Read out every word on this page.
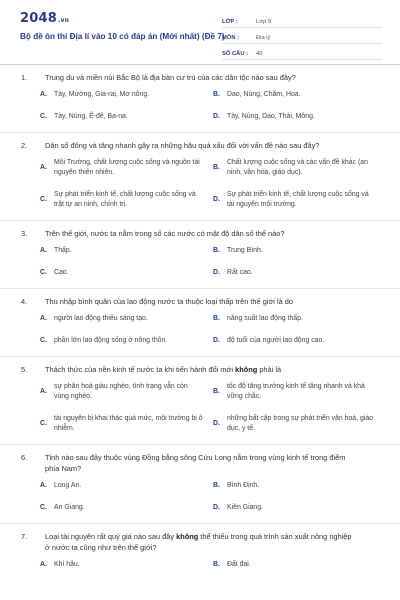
2048.vn
Bộ đề ôn thi Địa lí vào 10 có đáp án (Mới nhất) (Đề 7)
LỚP :	Lớp 9
MÔN :	Địa lý
SỐ CÂU :	40
1.	Trung du và miền núi Bắc Bộ là địa bàn cư trú của các dân tộc nào sau đây?
A.	Tày, Mường, Gia-rai, Mơ nông.	B.	Dao, Nùng, Chăm, Hoa.
C.	Tày, Nùng, Ê-đê, Ba-na.	D.	Tày, Nùng, Dao, Thái, Mông.
2.	Dân số đông và tăng nhanh gây ra những hậu quả xấu đối với vấn đề nào sau đây?
A.
Môi Trường, chất lượng cuộc sống và nguồn tài nguyên thiên nhiên.
B.
Chất lượng cuộc sống và các vấn đề khác (an ninh, văn hóa, giáo dục).
C.
Sự phát triển kinh tế, chất lượng cuộc sống và trật tự an ninh, chính trị.
D.
Sự phát triển kinh tế, chất lượng cuộc sống và tài nguyên môi trường.
3.	Trên thế giới, nước ta nằm trong số các nước có mật độ dân số thế nào?
A.	Thấp.	B.	Trung Bình.
C.	Cao.	D.	Rất cao.
4.	Thu nhập bình quân của lao động nước ta thuộc loại thấp trên thế giới là do
A.	người lao động thiếu sáng tạo.	B.	năng suất lao động thấp.
C.	phần lớn lao động sống ở nông thôn.	D.	độ tuổi của người lao động cao.
5.	Thách thức của nền kinh tế nước ta khi tiến hành đổi mới không phải là
A.
sự phân hoá giàu nghèo, tình trạng vẫn còn vùng nghèo.
B.
tốc độ tăng trưởng kinh tế tăng nhanh và khá vững chắc.
C.
tài nguyên bị khai thác quá mức, môi trường bị ô nhiễm.
D.
những bất cập trong sự phát triển văn hoá, giáo dục, y tế.
6.	Tỉnh nào sau đây thuộc vùng Đồng bằng sông Cửu Long nằm trong vùng kinh tế trọng điểm phía Nam?
A.	Long An.	B.	Bình Định.
C.	An Giang.	D.	Kiên Giang.
7.	Loại tài nguyên rất quý giá nào sau đây không thể thiếu trong quá trình sản xuất nông nghiệp ở nước ta cũng như trên thế giới?
A.	Khí hậu.	B.	Đất đai.
